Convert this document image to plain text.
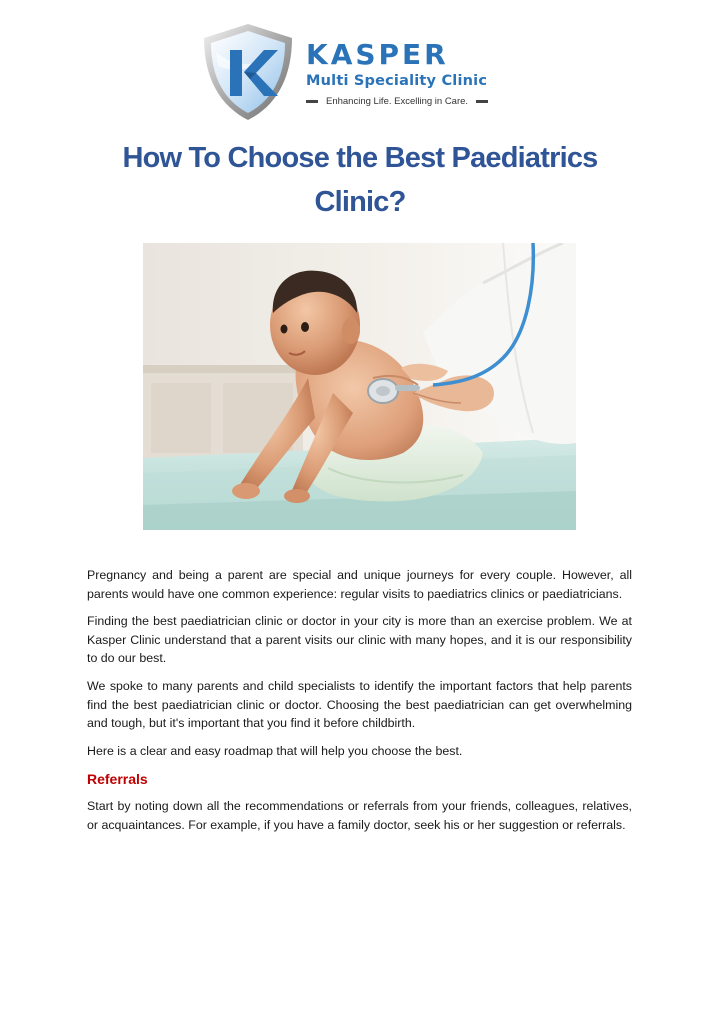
KASPER
Multi Speciality Clinic
Enhancing Life. Excelling in Care.
How To Choose the Best Paediatrics
Clinic?

Pregnancy and being a parent are special and unique journeys for every couple. However, all parents would have one common experience: regular visits to paediatrics clinics or paediatricians.

Finding the best paediatrician clinic or doctor in your city is more than an exercise problem. We at Kasper Clinic understand that a parent visits our clinic with many hopes, and it is our responsibility to do our best.

We spoke to many parents and child specialists to identify the important factors that help parents find the best paediatrician clinic or doctor. Choosing the best paediatrician can get overwhelming and tough, but it's important that you find it before childbirth.

Here is a clear and easy roadmap that will help you choose the best.

Referrals

Start by noting down all the recommendations or referrals from your friends, colleagues, relatives, or acquaintances. For example, if you have a family doctor, seek his or her suggestion or referrals.
